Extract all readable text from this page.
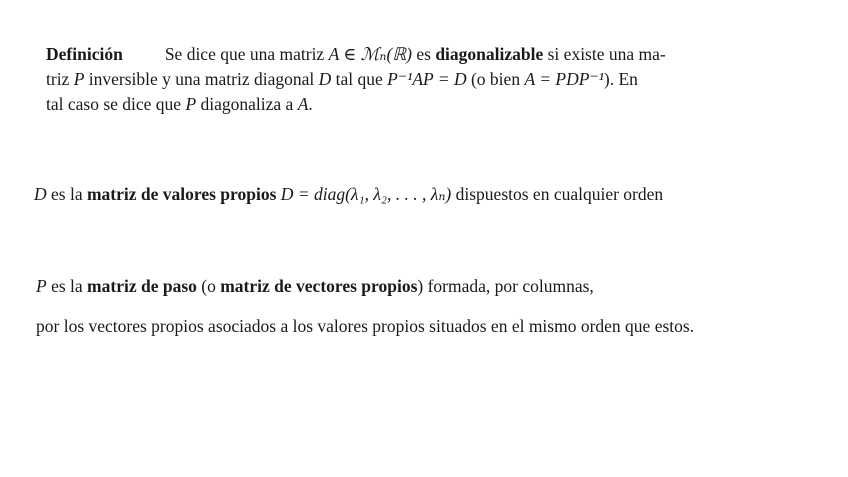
Definición Se dice que una matriz A ∈ ℳₙ(ℝ) es diagonalizable si existe una ma-
triz P inversible y una matriz diagonal D tal que P⁻¹AP = D (o bien A = PDP⁻¹). En
tal caso se dice que P diagonaliza a A.
D es la matriz de valores propios D = diag(λ₁, λ₂, . . . , λₙ) dispuestos en cualquier orden
P es la matriz de paso (o matriz de vectores propios) formada, por columnas,
por los vectores propios asociados a los valores propios situados en el mismo orden que estos.
